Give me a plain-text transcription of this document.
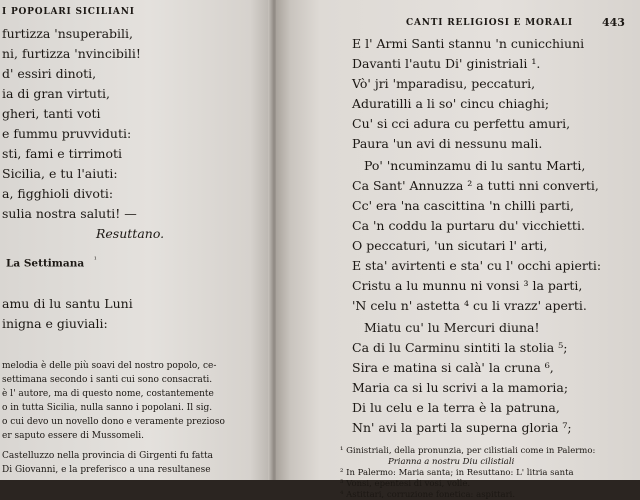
I POPOLARI SICILIANI
furtizza 'nsuperabili,
ni, furtizza 'nvincibili!
d' essiri dinoti,
ia di gran virtuti,
gheri, tanti voti
e fummu pruvviduti:
sti, fami e tirrimoti
Sicilia, e tu l'aiuti:
a, figghioli divoti:
sulia nostra saluti! —
Resuttano.
La Settimana $^{^1}$
amu di lu santu Luni
inigna e giuviali:
melodia è delle più soavi del nostro popolo, ce-
settimana secondo i santi cui sono consacrati.
è l' autore, ma di questo nome, costantemente
o in tutta Sicilia, nulla sanno i popolani. Il sig.
o cui devo un novello dono e veramente prezioso
er saputo essere di Mussomeli.
Castelluzzo nella provincia di Girgenti fu fatta
Di Giovanni, e la preferisco a una resultanese
CANTI RELIGIOSI E MORALI	443
E l' Armi Santi stannu 'n cunicchiuni
Davanti l'autu Di' ginistriali ¹.
Vò' jri 'mparadisu, peccaturi,
Aduratilli a li so' cincu chiaghi;
Cu' si cci adura cu perfettu amuri,
Paura 'un avi di nessunu mali.
Po' 'ncuminzamu di lu santu Marti,
Ca Sant' Annuzza ² a tutti nni converti,
Cc' era 'na cascittina 'n chilli parti,
Ca 'n coddu la purtaru du' vicchietti.
O peccaturi, 'un sicutari l' arti,
E sta' avirtenti e sta' cu l' occhi apierti:
Cristu a lu munnu ni vonsi ³ la parti,
'N celu n' astetta ⁴ cu li vrazz' aperti.
Miatu cu' lu Mercuri diuna!
Ca di lu Carminu sintiti la stolia ⁵;
Sira e matina si calà' la cruna ⁶,
Maria ca si lu scrivi a la mamoria;
Di lu celu e la terra è la patruna,
Nn' avi la parti la superna gloria ⁷;
¹ Ginistriali, della pronunzia, per cilistiali come in Palermo:
Prianna a nostru Diu cilistiali
² In Palermo: Maria santa; in Resuttano: L' litria santa
³ Vonsi, epentesi di vosi, volle.
⁴ Astittari, corruzione fonetica: aspittari.
